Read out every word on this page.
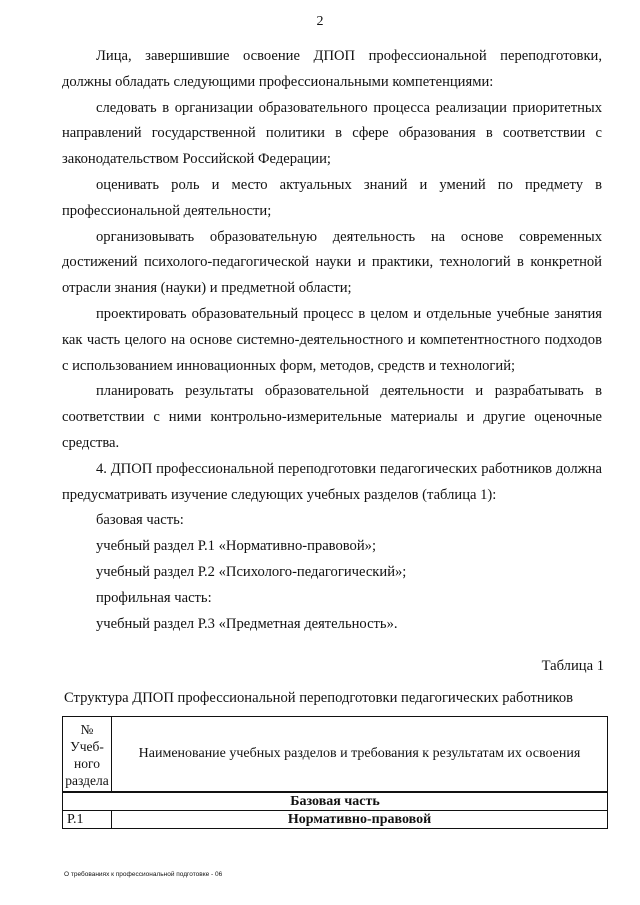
2

Лица, завершившие освоение ДПОП профессиональной переподготовки, должны обладать следующими профессиональными компетенциями:

следовать в организации образовательного процесса реализации приоритетных направлений государственной политики в сфере образования в соответствии с законодательством Российской Федерации;

оценивать роль и место актуальных знаний и умений по предмету в профессиональной деятельности;

организовывать образовательную деятельность на основе современных достижений психолого-педагогической науки и практики, технологий в конкретной отрасли знания (науки) и предметной области;

проектировать образовательный процесс в целом и отдельные учебные занятия как часть целого на основе системно-деятельностного и компетентностного подходов с использованием инновационных форм, методов, средств и технологий;

планировать результаты образовательной деятельности и разрабатывать в соответствии с ними контрольно-измерительные материалы и другие оценочные средства.

4. ДПОП профессиональной переподготовки педагогических работников должна предусматривать изучение следующих учебных разделов (таблица 1):

базовая часть:

учебный раздел Р.1 «Нормативно-правовой»;

учебный раздел Р.2 «Психолого-педагогический»;

профильная часть:

учебный раздел Р.3 «Предметная деятельность».

Таблица 1
Структура ДПОП профессиональной переподготовки педагогических работников
№ Учеб-ного раздела	Наименование учебных разделов и требования к результатам их освоения
Базовая часть	
Р.1	Нормативно-правовой
О требованиях к профессиональной подготовке - 06
